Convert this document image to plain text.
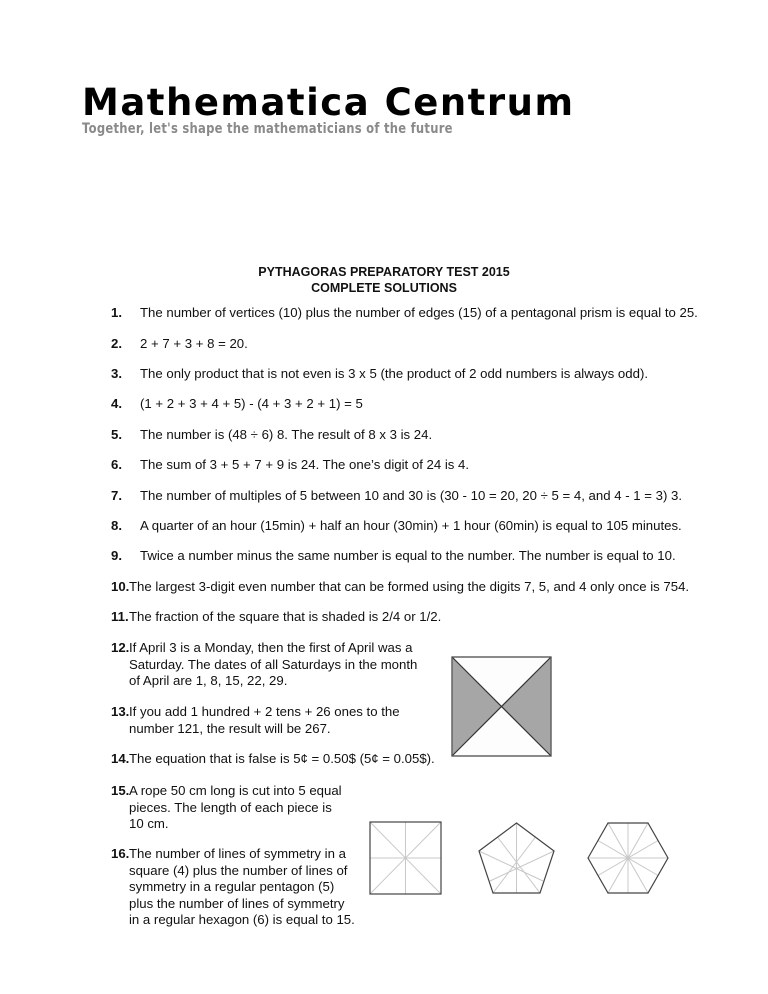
Mathematica Centrum
Together, let's shape the mathematicians of the future
PYTHAGORAS PREPARATORY TEST 2015
COMPLETE SOLUTIONS
1. The number of vertices (10) plus the number of edges (15) of a pentagonal prism is equal to 25.
2. 2 + 7 + 3 + 8 = 20.
3. The only product that is not even is 3 x 5 (the product of 2 odd numbers is always odd).
4. (1 + 2 + 3 + 4 + 5) - (4 + 3 + 2 + 1) = 5
5. The number is (48 ÷ 6) 8. The result of 8 x 3 is 24.
6. The sum of 3 + 5 + 7 + 9 is 24. The one’s digit of 24 is 4.
7. The number of multiples of 5 between 10 and 30 is (30 - 10 = 20, 20 ÷ 5 = 4, and 4 - 1 = 3) 3.
8. A quarter of an hour (15min) + half an hour (30min) + 1 hour (60min) is equal to 105 minutes.
9. Twice a number minus the same number is equal to the number. The number is equal to 10.
10. The largest 3-digit even number that can be formed using the digits 7, 5, and 4 only once is 754.
11. The fraction of the square that is shaded is 2/4 or 1/2.
12. If April 3 is a Monday, then the first of April was a
Saturday. The dates of all Saturdays in the month
of April are 1, 8, 15, 22, 29.
13. If you add 1 hundred + 2 tens + 26 ones to the
number 121, the result will be 267.
14. The equation that is false is 5¢ = 0.50$ (5¢ = 0.05$).
15. A rope 50 cm long is cut into 5 equal
pieces. The length of each piece is
10 cm.
16. The number of lines of symmetry in a
square (4) plus the number of lines of
symmetry in a regular pentagon (5)
plus the number of lines of symmetry
in a regular hexagon (6) is equal to 15.
